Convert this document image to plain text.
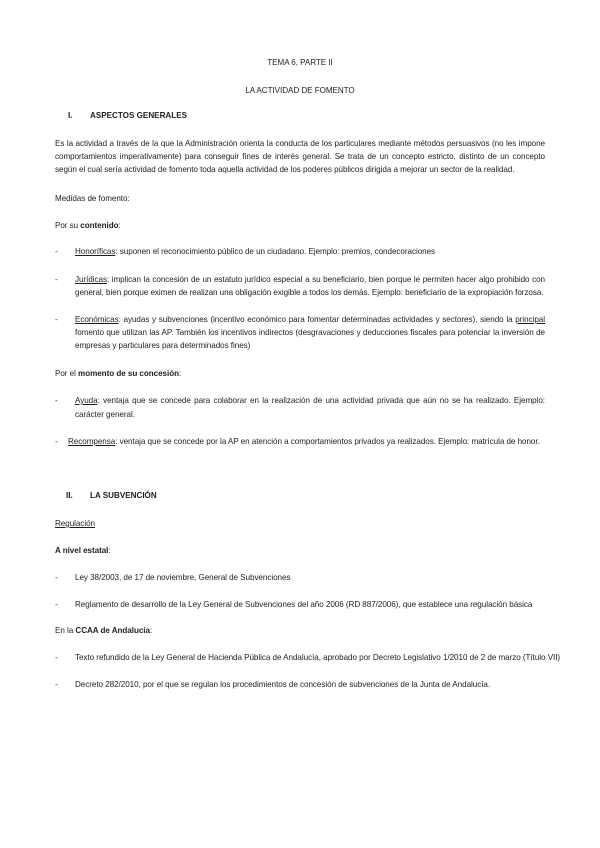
TEMA 6, PARTE II
LA ACTIVIDAD DE FOMENTO
I. ASPECTOS GENERALES
Es la actividad a través de la que la Administración orienta la conducta de los particulares mediante métodos persuasivos (no les impone
comportamientos imperativamente) para conseguir fines de interés general. Se trata de un concepto estricto, distinto de un concepto
según el cual sería actividad de fomento toda aquella actividad de los poderes públicos dirigida a mejorar un sector de la realidad.
Medidas de fomento:
Por su contenido:
- Honoríficas: suponen el reconocimiento público de un ciudadano. Ejemplo: premios, condecoraciones
- Jurídicas: implican la concesión de un estatuto jurídico especial a su beneficiario, bien porque le permiten hacer algo prohibido con
general, bien porque eximen de realizan una obligación exigible a todos los demás. Ejemplo: beneficiario de la expropiación forzosa.
- Económicas: ayudas y subvenciones (incentivo económico para fomentar determinadas actividades y sectores), siendo la principal
fomento que utilizan las AP. También los incentivos indirectos (desgravaciones y deducciones fiscales para potenciar la inversión de
empresas y particulares para determinados fines)
Por el momento de su concesión:
- Ayuda: ventaja que se concede para colaborar en la realización de una actividad privada que aún no se ha realizado. Ejemplo:
carácter general.
- Recompensa: ventaja que se concede por la AP en atención a comportamientos privados ya realizados. Ejemplo: matrícula de honor.
II. LA SUBVENCIÓN
Regulación
A nivel estatal:
- Ley 38/2003, de 17 de noviembre, General de Subvenciones
- Reglamento de desarrollo de la Ley General de Subvenciones del año 2006 (RD 887/2006), que establece una regulación básica
En la CCAA de Andalucía:
- Texto refundido de la Ley General de Hacienda Pública de Andalucía, aprobado por Decreto Legislativo 1/2010 de 2 de marzo (Título VII)
- Decreto 282/2010, por el que se regulan los procedimientos de concesión de subvenciones de la Junta de Andalucía.
